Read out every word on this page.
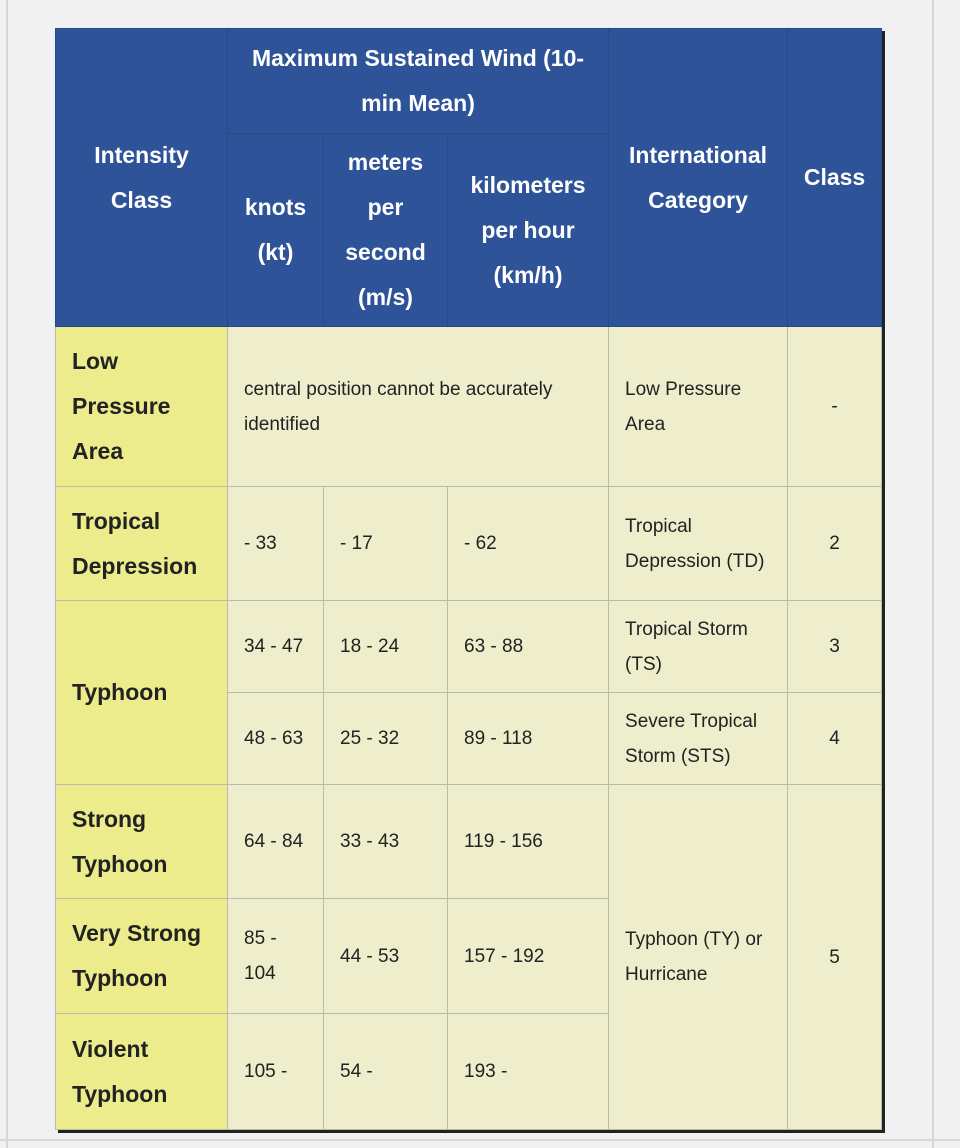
Intensity Class	Maximum Sustained Wind (10-min Mean)			International Category	Class
	knots (kt)	meters per second (m/s)	kilometers per hour (km/h)		
Low Pressure Area	central position cannot be accurately identified			Low Pressure Area	-
Tropical Depression	- 33	- 17	- 62	Tropical Depression (TD)	2
Typhoon	34 - 47	18 - 24	63 - 88	Tropical Storm (TS)	3
	48 - 63	25 - 32	89 - 118	Severe Tropical Storm (STS)	4
Strong Typhoon	64 - 84	33 - 43	119 - 156	Typhoon (TY) or Hurricane	5
Very Strong Typhoon	85 - 104	44 - 53	157 - 192		
Violent Typhoon	105 -	54 -	193 -		
